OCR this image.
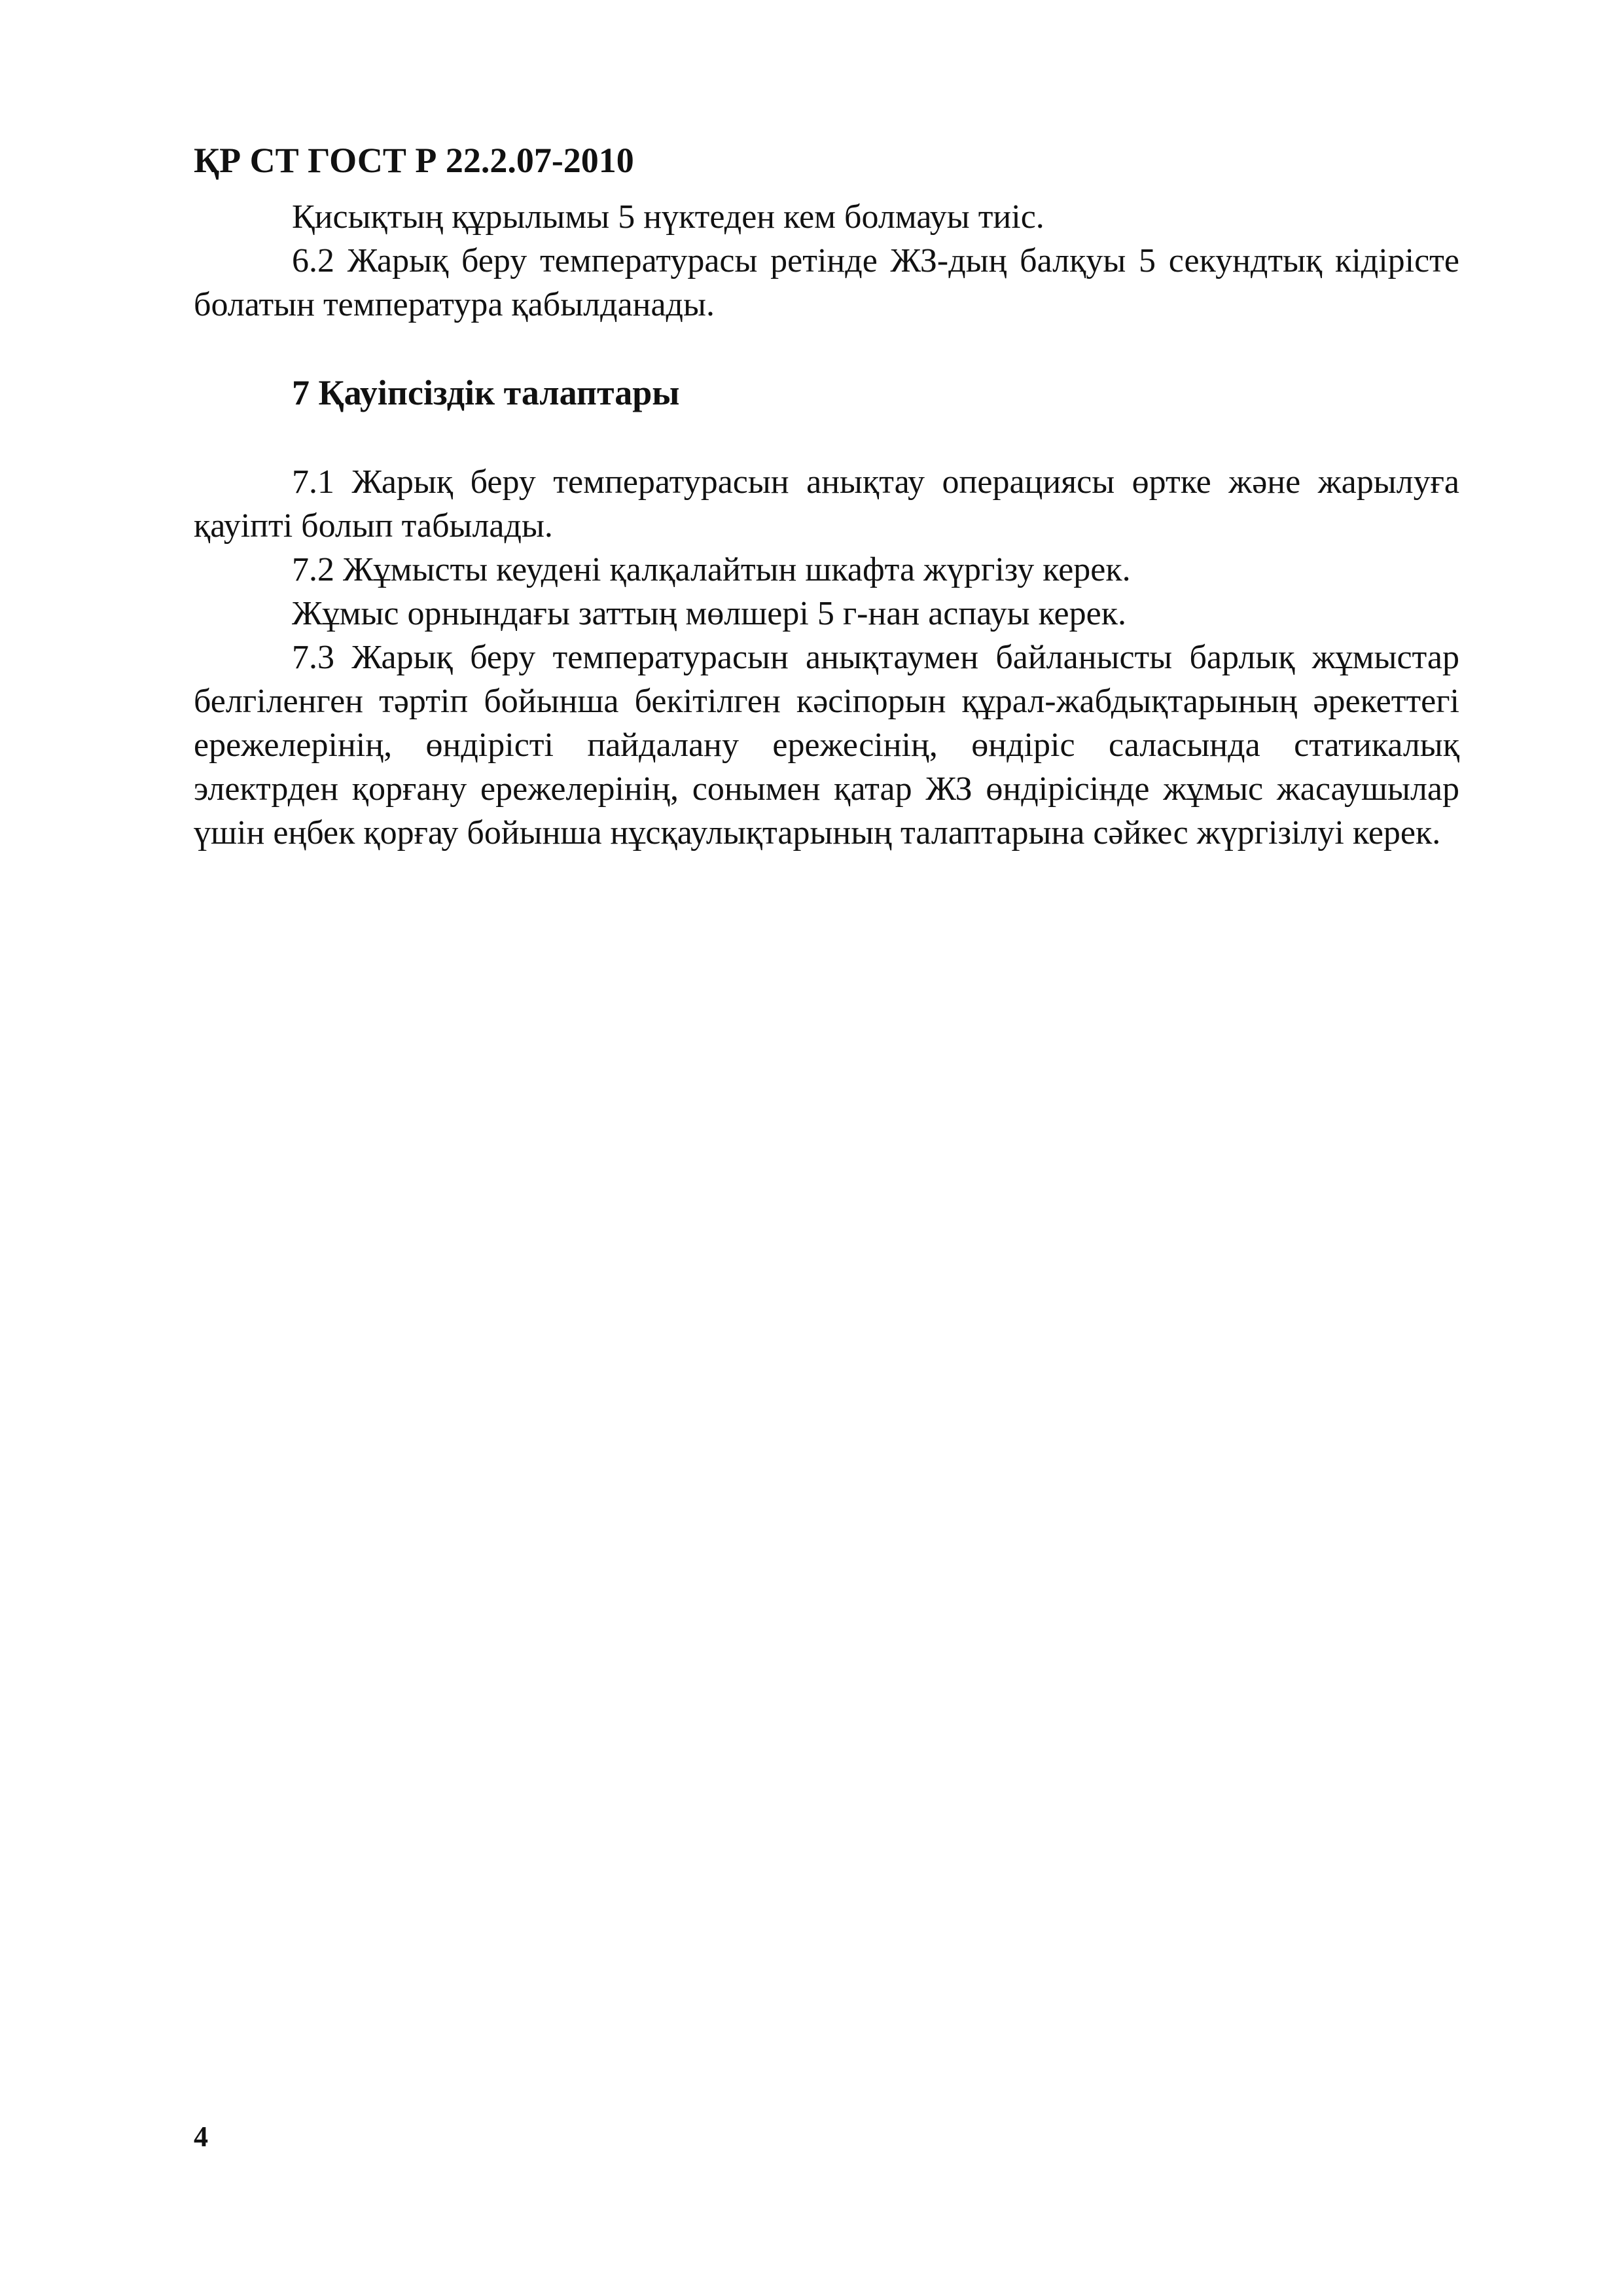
ҚР СТ ГОСТ Р 22.2.07-2010

Қисықтың құрылымы 5 нүктеден кем болмауы тиіс.

6.2 Жарық беру температурасы ретінде ЖЗ-дың балқуы 5 секундтық кідірісте болатын температура қабылданады.

7 Қауіпсіздік талаптары

7.1 Жарық беру температурасын анықтау операциясы өртке және жарылуға қауіпті болып табылады.

7.2 Жұмысты кеудені қалқалайтын шкафта жүргізу керек.

Жұмыс орнындағы заттың мөлшері 5 г-нан аспауы керек.

7.3 Жарық беру температурасын анықтаумен байланысты барлық жұмыстар белгіленген тәртіп бойынша бекітілген кәсіпорын құрал-жабдықтарының әрекеттегі ережелерінің, өндірісті пайдалану ережесінің, өндіріс саласында статикалық электрден қорғану ережелерінің, сонымен қатар ЖЗ өндірісінде жұмыс жасаушылар үшін еңбек қорғау бойынша нұсқаулықтарының талаптарына сәйкес жүргізілуі керек.

4
